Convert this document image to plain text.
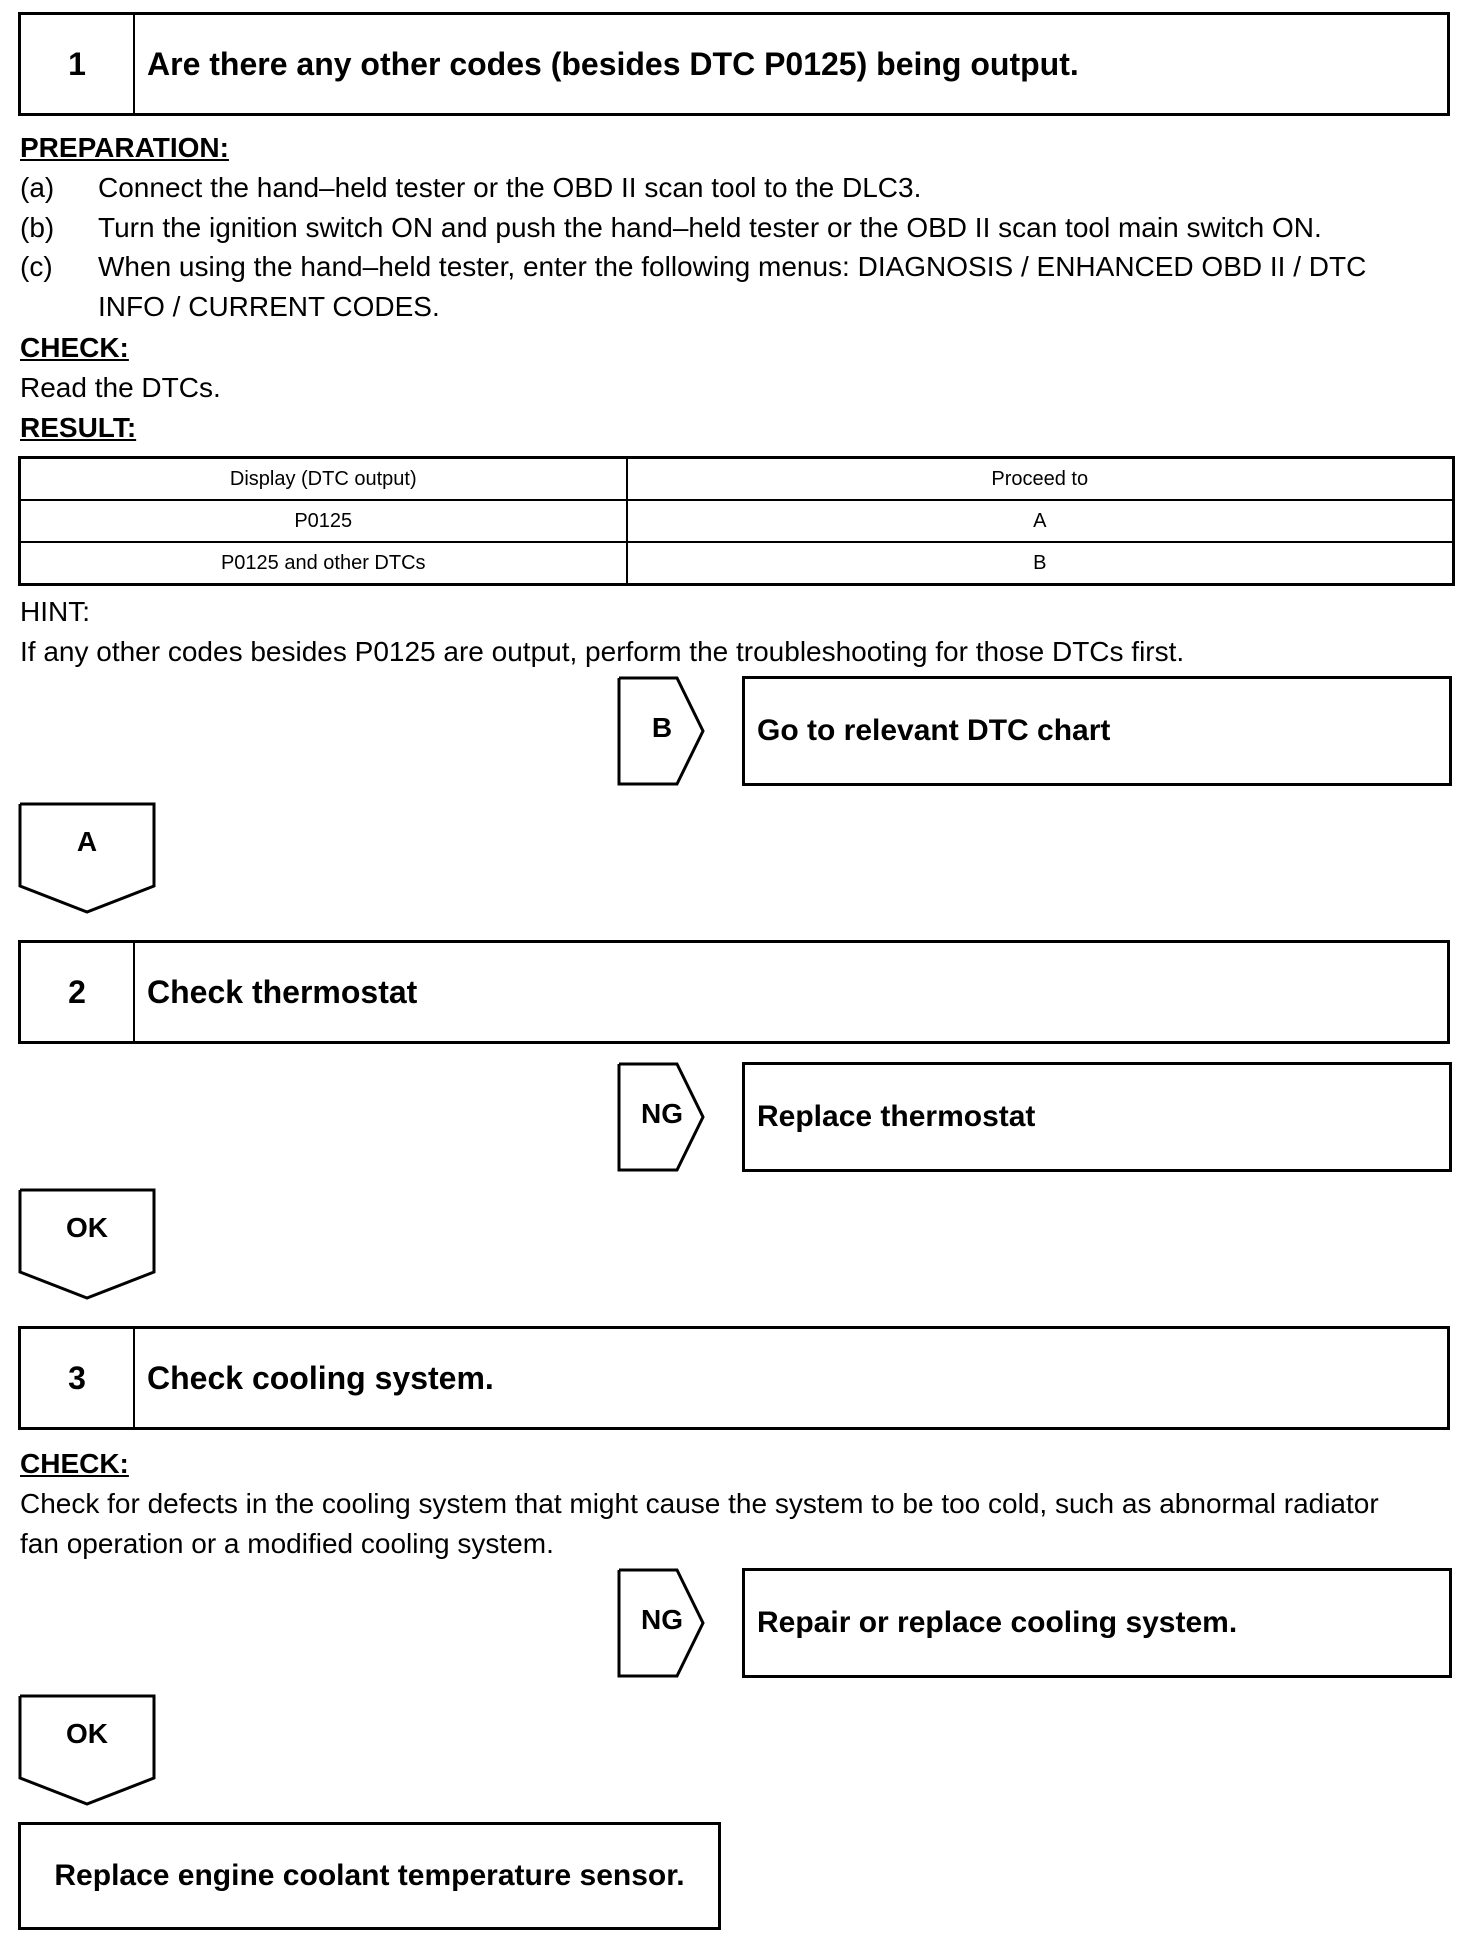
1	Are there any other codes (besides DTC P0125) being output.
PREPARATION:
(a) Connect the hand–held tester or the OBD II scan tool to the DLC3.
(b) Turn the ignition switch ON and push the hand–held tester or the OBD II scan tool main switch ON.
(c) When using the hand–held tester, enter the following menus: DIAGNOSIS / ENHANCED OBD II / DTC
INFO / CURRENT CODES.
CHECK:
Read the DTCs.
RESULT:
Display (DTC output)	Proceed to
P0125	A
P0125 and other DTCs	B
HINT:
If any other codes besides P0125 are output, perform the troubleshooting for those DTCs first.
B	Go to relevant DTC chart
A
2	Check thermostat
NG	Replace thermostat
OK
3	Check cooling system.
CHECK:
Check for defects in the cooling system that might cause the system to be too cold, such as abnormal radiator
fan operation or a modified cooling system.
NG	Repair or replace cooling system.
OK
Replace engine coolant temperature sensor.
